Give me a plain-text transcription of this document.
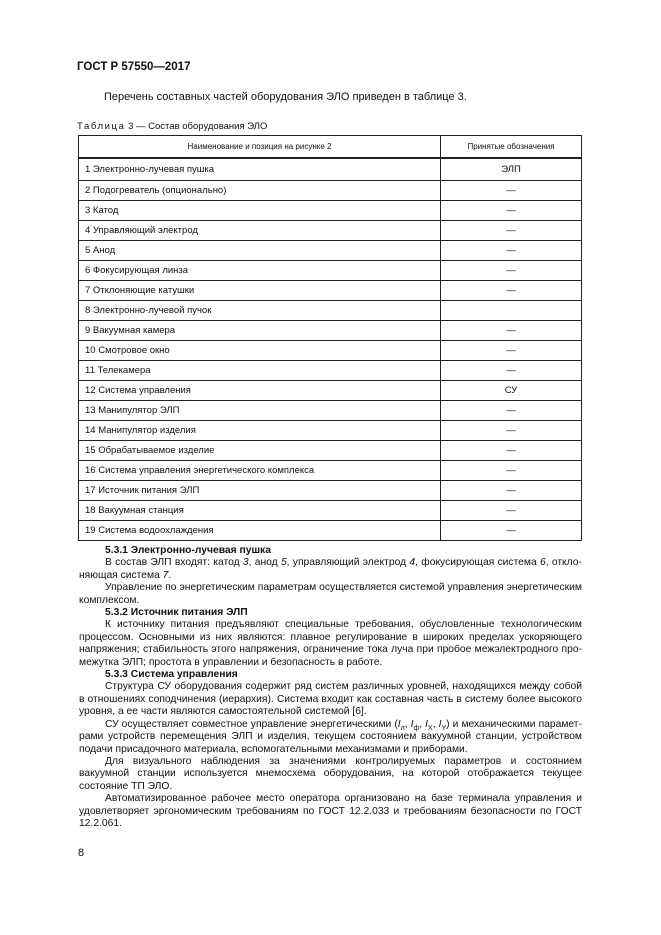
ГОСТ Р 57550—2017
Перечень составных частей оборудования ЭЛО приведен в таблице 3.
Таблица 3 — Состав оборудования ЭЛО
Наименование и позиция на рисунке 2	Принятые обозначения
1 Электронно-лучевая пушка	ЭЛП
2 Подогреватель (опционально)	—
3 Катод	—
4 Управляющий электрод	—
5 Анод	—
6 Фокусирующая линза	—
7 Отклоняющие катушки	—
8 Электронно-лучевой пучок	
9 Вакуумная камера	—
10 Смотровое окно	—
11 Телекамера	—
12 Система управления	СУ
13 Манипулятор ЭЛП	—
14 Манипулятор изделия	—
15 Обрабатываемое изделие	—
16 Система управления энергетического комплекса	—
17 Источник питания ЭЛП	—
18 Вакуумная станция	—
19 Система водоохлаждения	—

5.3.1 Электронно-лучевая пушка

В состав ЭЛП входят: катод 3, анод 5, управляющий электрод 4, фокусирующая система 6, отклоняющая система 7.

Управление по энергетическим параметрам осуществляется системой управления энергетическим комплексом.

5.3.2 Источник питания ЭЛП

К источнику питания предъявляют специальные требования, обусловленные технологическим процессом. Основными из них являются: плавное регулирование в широких пределах ускоряющего напряжения; стабильность этого напряжения, ограничение тока луча при пробое межэлектродного промежутка ЭЛП; простота в управлении и безопасность в работе.

5.3.3 Система управления

Структура СУ оборудования содержит ряд систем различных уровней, находящихся между собой в отношениях соподчинения (иерархия). Система входит как составная часть в систему более высокого уровня, а ее части являются самостоятельной системой [6].

СУ осуществляет совместное управление энергетическими ($I_л$, $I_ф$, $I_X$, $I_Y$) и механическими параметрами устройств перемещения ЭЛП и изделия, текущем состоянием вакуумной станции, устройством подачи присадочного материала, вспомогательными механизмами и приборами.

Для визуального наблюдения за значениями контролируемых параметров и состоянием вакуумной станции используется мнемосхема оборудования, на которой отображается текущее состояние ТП ЭЛО.

Автоматизированное рабочее место оператора организовано на базе терминала управления и удовлетворяет эргономическим требованиям по ГОСТ 12.2.033 и требованиям безопасности по ГОСТ 12.2.061.

8
